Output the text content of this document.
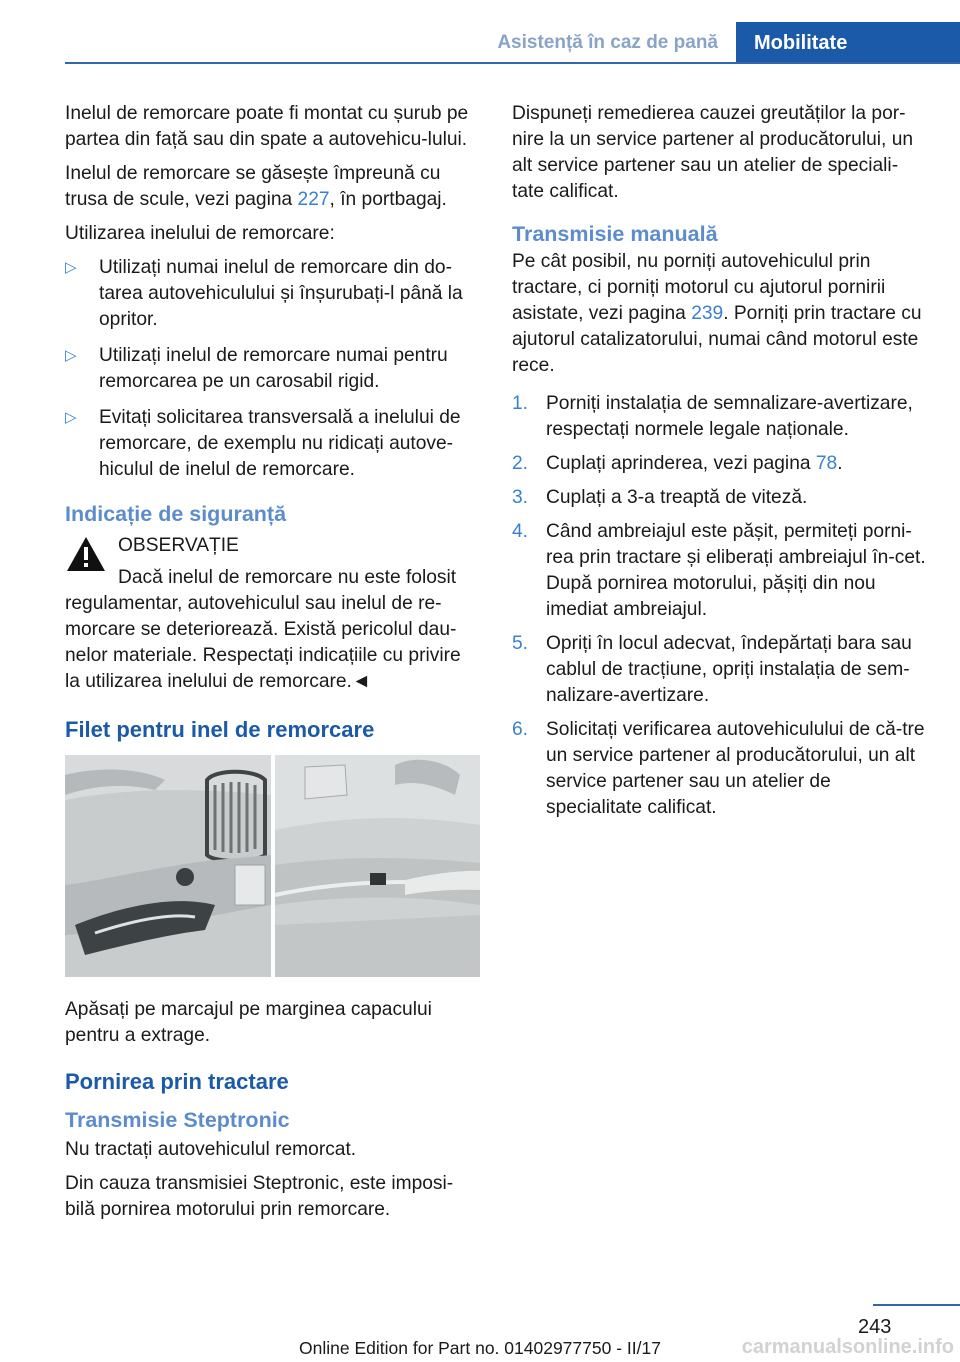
Asistență în caz de pană	Mobilitate

Inelul de remorcare poate fi montat cu șurub pe partea din față sau din spate a autovehicu-lului.

Inelul de remorcare se găsește împreună cu trusa de scule, vezi pagina 227, în portbagaj.

Utilizarea inelului de remorcare:

▷ Utilizați numai inelul de remorcare din do-tarea autovehiculului și înșurubați-l până la opritor.
▷ Utilizați inelul de remorcare numai pentru remorcarea pe un carosabil rigid.
▷ Evitați solicitarea transversală a inelului de remorcare, de exemplu nu ridicați autove-hiculul de inelul de remorcare.
Indicație de siguranță

OBSERVAȚIE

Dacă inelul de remorcare nu este folosit regulamentar, autovehiculul sau inelul de re-morcare se deteriorează. Există pericolul dau-nelor materiale. Respectați indicațiile cu privire la utilizarea inelului de remorcare.◄

Filet pentru inel de remorcare

Apăsați pe marcajul pe marginea capacului pentru a extrage.

Pornirea prin tractare
Transmisie Steptronic

Nu tractați autovehiculul remorcat.

Din cauza transmisiei Steptronic, este imposi-bilă pornirea motorului prin remorcare.

Dispuneți remedierea cauzei greutăților la por-nire la un service partener al producătorului, un alt service partener sau un atelier de speciali-tate calificat.

Transmisie manuală

Pe cât posibil, nu porniți autovehiculul prin tractare, ci porniți motorul cu ajutorul pornirii asistate, vezi pagina 239. Porniți prin tractare cu ajutorul catalizatorului, numai când motorul este rece.

1. Porniți instalația de semnalizare-avertizare, respectați normele legale naționale.
2. Cuplați aprinderea, vezi pagina 78.
3. Cuplați a 3-a treaptă de viteză.
4. Când ambreiajul este pășit, permiteți porni-rea prin tractare și eliberați ambreiajul în-cet. După pornirea motorului, pășiți din nou imediat ambreiajul.
5. Opriți în locul adecvat, îndepărtați bara sau cablul de tracțiune, opriți instalația de sem-nalizare-avertizare.
6. Solicitați verificarea autovehiculului de că-tre un service partener al producătorului, un alt service partener sau un atelier de specialitate calificat.
243
Online Edition for Part no. 01402977750 - II/17	carmanualsonline.info
